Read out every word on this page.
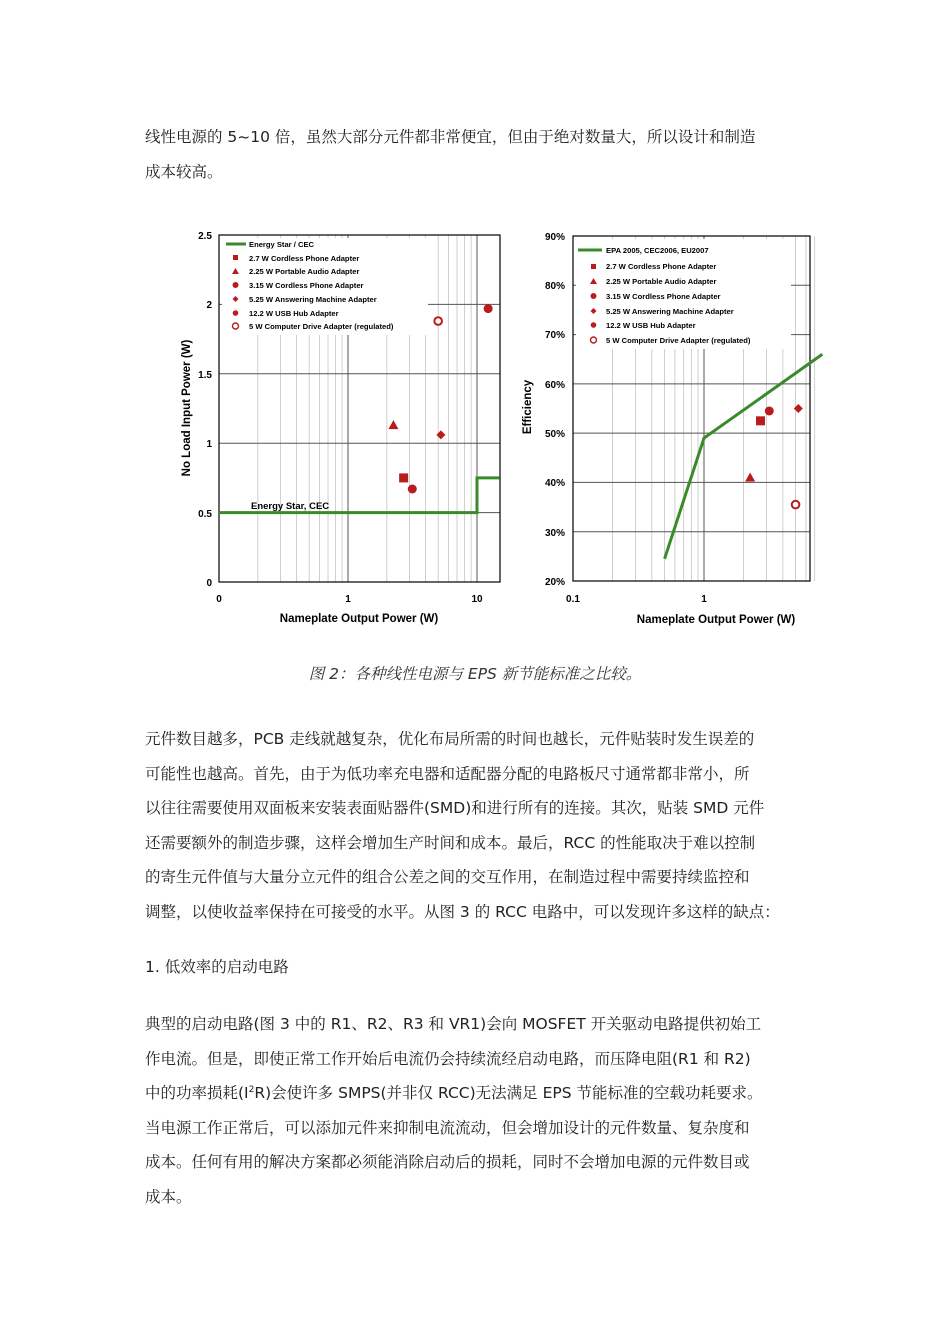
线性电源的 5~10 倍，虽然大部分元件都非常便宜，但由于绝对数量大，所以设计和制造
成本较高。
0
0.5
1
1.5
2
2.5
0	1	10
Nameplate Output Power (W)
No Load Input Power (W)
Energy Star, CEC
Energy Star / CEC
2.7 W Cordless Phone Adapter
2.25 W Portable Audio Adapter
3.15 W Cordless Phone Adapter
5.25 W Answering Machine Adapter
12.2 W USB Hub Adapter
5 W Computer Drive Adapter (regulated)
20%
30%
40%
50%
60%
70%
80%
90%
0.1	1
Nameplate Output Power (W)
Efficiency
EPA 2005, CEC2006, EU2007
2.7 W Cordless Phone Adapter
2.25 W Portable Audio Adapter
3.15 W Cordless Phone Adapter
5.25 W Answering Machine Adapter
12.2 W USB Hub Adapter
5 W Computer Drive Adapter (regulated)
图 2：各种线性电源与 EPS 新节能标准之比较。
元件数目越多，PCB 走线就越复杂，优化布局所需的时间也越长，元件贴装时发生误差的
可能性也越高。首先，由于为低功率充电器和适配器分配的电路板尺寸通常都非常小，所
以往往需要使用双面板来安装表面贴器件(SMD)和进行所有的连接。其次，贴装 SMD 元件
还需要额外的制造步骤，这样会增加生产时间和成本。最后，RCC 的性能取决于难以控制
的寄生元件值与大量分立元件的组合公差之间的交互作用，在制造过程中需要持续监控和
调整，以使收益率保持在可接受的水平。从图 3 的 RCC 电路中，可以发现许多这样的缺点：
1. 低效率的启动电路
典型的启动电路(图 3 中的 R1、R2、R3 和 VR1)会向 MOSFET 开关驱动电路提供初始工
作电流。但是，即使正常工作开始后电流仍会持续流经启动电路，而压降电阻(R1 和 R2)
中的功率损耗$(I^2R)$会使许多 SMPS(并非仅 RCC)无法满足 EPS 节能标准的空载功耗要求。
当电源工作正常后，可以添加元件来抑制电流流动，但会增加设计的元件数量、复杂度和
成本。任何有用的解决方案都必须能消除启动后的损耗，同时不会增加电源的元件数目或
成本。
